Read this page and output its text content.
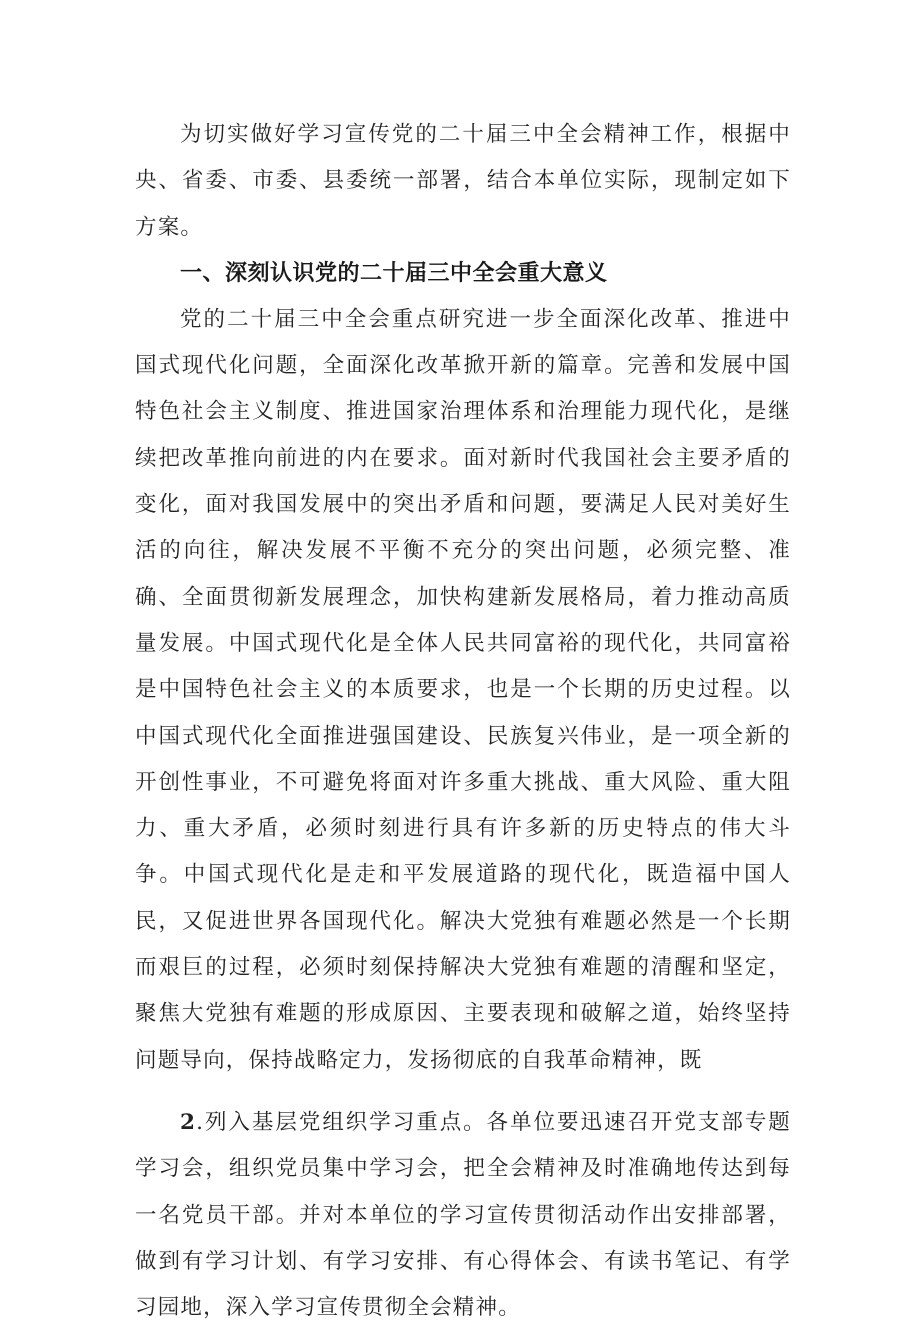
为切实做好学习宣传党的二十届三中全会精神工作，根据中央、省委、市委、县委统一部署，结合本单位实际，现制定如下方案。

一、深刻认识党的二十届三中全会重大意义

党的二十届三中全会重点研究进一步全面深化改革、推进中国式现代化问题，全面深化改革掀开新的篇章。完善和发展中国特色社会主义制度、推进国家治理体系和治理能力现代化，是继续把改革推向前进的内在要求。面对新时代我国社会主要矛盾的变化，面对我国发展中的突出矛盾和问题，要满足人民对美好生活的向往，解决发展不平衡不充分的突出问题，必须完整、准确、全面贯彻新发展理念，加快构建新发展格局，着力推动高质量发展。中国式现代化是全体人民共同富裕的现代化，共同富裕是中国特色社会主义的本质要求，也是一个长期的历史过程。以中国式现代化全面推进强国建设、民族复兴伟业，是一项全新的开创性事业，不可避免将面对许多重大挑战、重大风险、重大阻力、重大矛盾，必须时刻进行具有许多新的历史特点的伟大斗争。中国式现代化是走和平发展道路的现代化，既造福中国人民，又促进世界各国现代化。解决大党独有难题必然是一个长期而艰巨的过程，必须时刻保持解决大党独有难题的清醒和坚定，聚焦大党独有难题的形成原因、主要表现和破解之道，始终坚持问题导向，保持战略定力，发扬彻底的自我革命精神，既

2.列入基层党组织学习重点。各单位要迅速召开党支部专题学习会，组织党员集中学习会，把全会精神及时准确地传达到每一名党员干部。并对本单位的学习宣传贯彻活动作出安排部署，做到有学习计划、有学习安排、有心得体会、有读书笔记、有学习园地，深入学习宣传贯彻全会精神。
